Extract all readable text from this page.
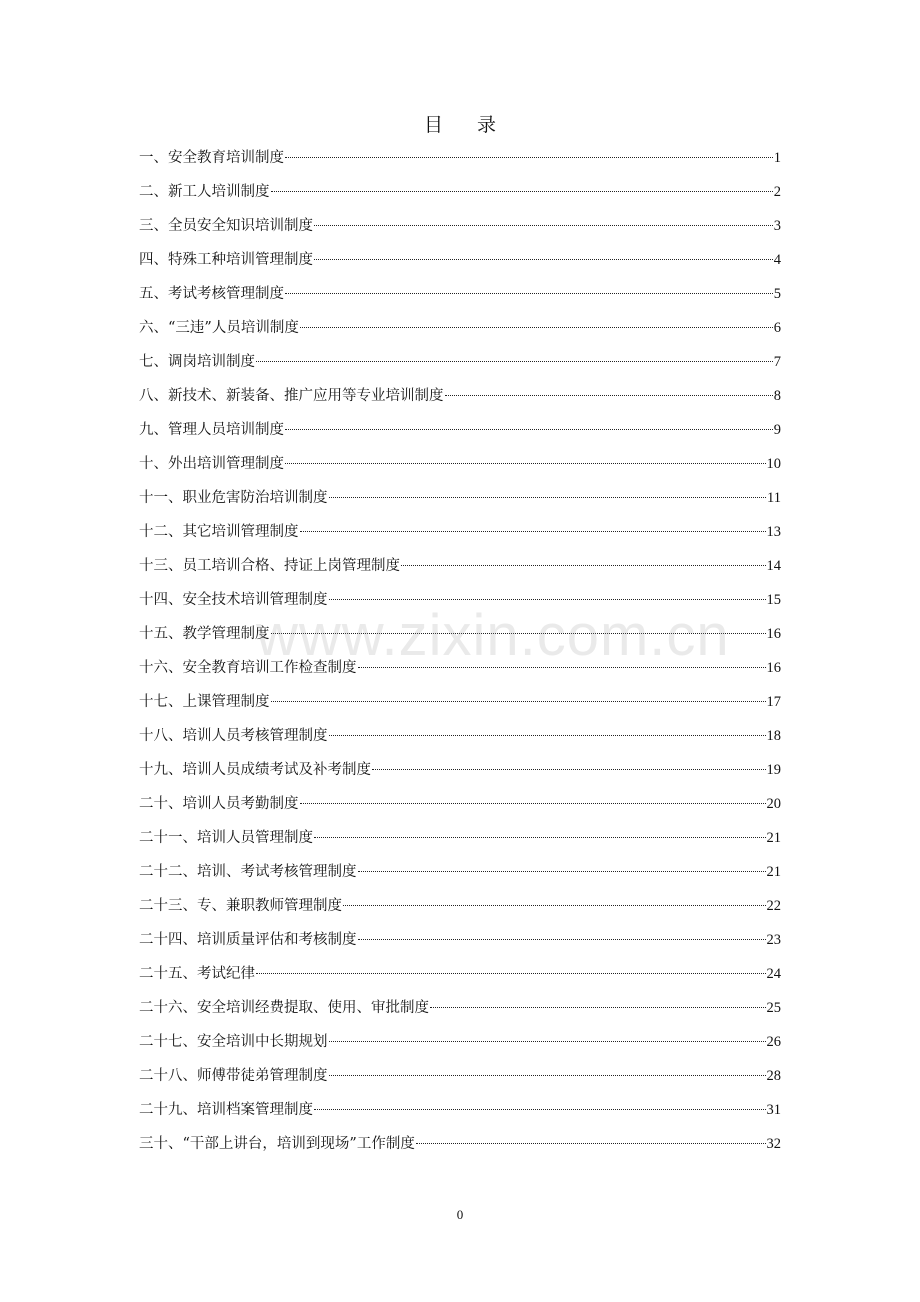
目 录
一、安全教育培训制度	1
二、新工人培训制度	2
三、全员安全知识培训制度	3
四、特殊工种培训管理制度	4
五、考试考核管理制度	5
六、“三违”人员培训制度	6
七、调岗培训制度	7
八、新技术、新装备、推广应用等专业培训制度	8
九、管理人员培训制度	9
十、外出培训管理制度	10
十一、职业危害防治培训制度	11
十二、其它培训管理制度	13
十三、员工培训合格、持证上岗管理制度	14
十四、安全技术培训管理制度	15
十五、教学管理制度	16
十六、安全教育培训工作检查制度	16
十七、上课管理制度	17
十八、培训人员考核管理制度	18
十九、培训人员成绩考试及补考制度	19
二十、培训人员考勤制度	20
二十一、培训人员管理制度	21
二十二、培训、考试考核管理制度	21
二十三、专、兼职教师管理制度	22
二十四、培训质量评估和考核制度	23
二十五、考试纪律	24
二十六、安全培训经费提取、使用、审批制度	25
二十七、安全培训中长期规划	26
二十八、师傅带徒弟管理制度	28
二十九、培训档案管理制度	31
三十、“干部上讲台，培训到现场”工作制度	32
www.zixin.com.cn
0
